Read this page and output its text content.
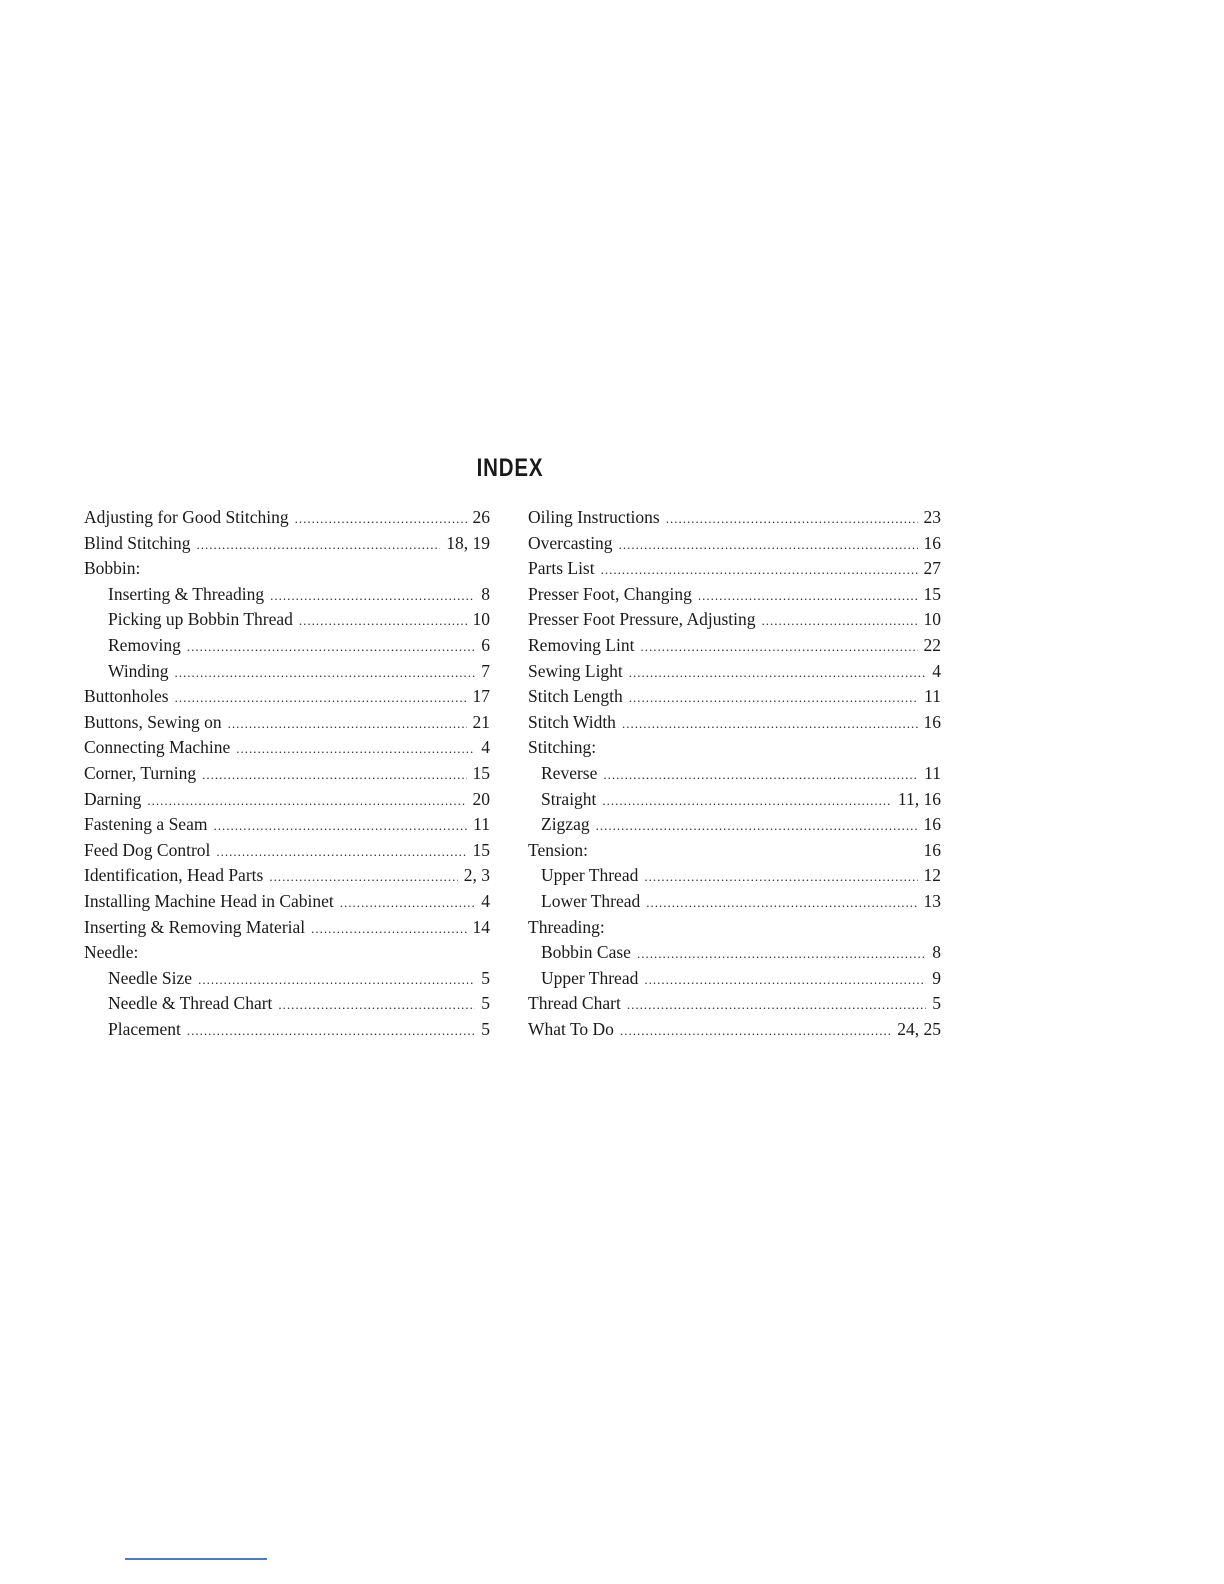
INDEX
Adjusting for Good Stitching .....	26
Blind Stitching .....	18, 19
Bobbin:
Inserting & Threading .....	8
Picking up Bobbin Thread .....	10
Removing .....	6
Winding .....	7
Buttonholes .....	17
Buttons, Sewing on .....	21
Connecting Machine .....	4
Corner, Turning .....	15
Darning .....	20
Fastening a Seam .....	11
Feed Dog Control .....	15
Identification, Head Parts .....	2, 3
Installing Machine Head in Cabinet .....	4
Inserting & Removing Material .....	14
Needle:
Needle Size .....	5
Needle & Thread Chart .....	5
Placement .....	5
Oiling Instructions .....	23
Overcasting .....	16
Parts List .....	27
Presser Foot, Changing .....	15
Presser Foot Pressure, Adjusting .....	10
Removing Lint .....	22
Sewing Light .....	4
Stitch Length .....	11
Stitch Width .....	16
Stitching:
Reverse .....	11
Straight .....	11, 16
Zigzag .....	16
Tension:	16
Upper Thread .....	12
Lower Thread .....	13
Threading:
Bobbin Case .....	8
Upper Thread .....	9
Thread Chart .....	5
What To Do .....	24, 25
